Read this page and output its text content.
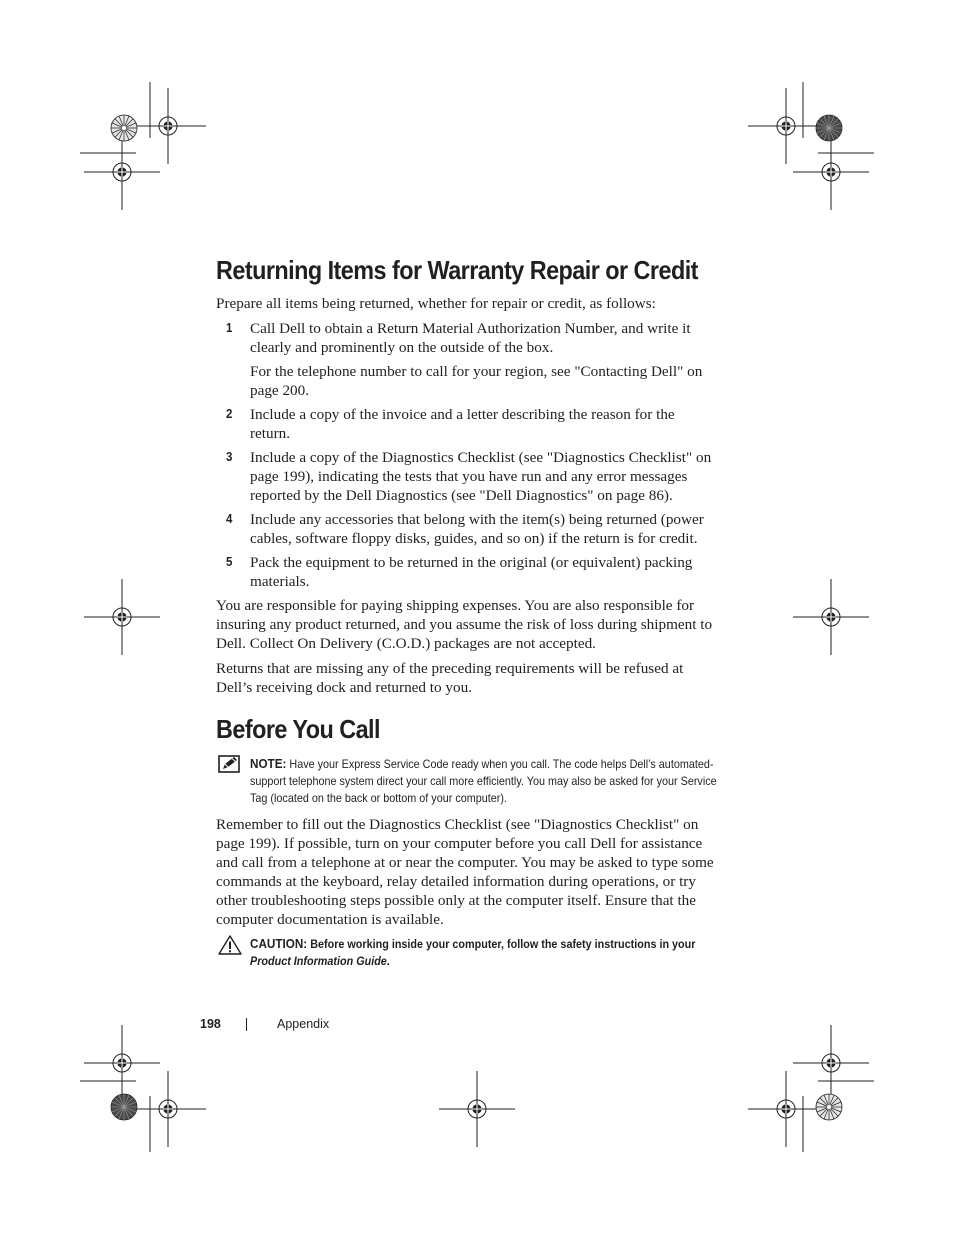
Returning Items for Warranty Repair or Credit

Prepare all items being returned, whether for repair or credit, as follows:

1 Call Dell to obtain a Return Material Authorization Number, and write it clearly and prominently on the outside of the box.

For the telephone number to call for your region, see "Contacting Dell" on page 200.

2 Include a copy of the invoice and a letter describing the reason for the return.

3 Include a copy of the Diagnostics Checklist (see "Diagnostics Checklist" on page 199), indicating the tests that you have run and any error messages reported by the Dell Diagnostics (see "Dell Diagnostics" on page 86).

4 Include any accessories that belong with the item(s) being returned (power cables, software floppy disks, guides, and so on) if the return is for credit.

5 Pack the equipment to be returned in the original (or equivalent) packing materials.

You are responsible for paying shipping expenses. You are also responsible for insuring any product returned, and you assume the risk of loss during shipment to Dell. Collect On Delivery (C.O.D.) packages are not accepted.

Returns that are missing any of the preceding requirements will be refused at Dell’s receiving dock and returned to you.

Before You Call
NOTE: Have your Express Service Code ready when you call. The code helps Dell’s automated-support telephone system direct your call more efficiently. You may also be asked for your Service Tag (located on the back or bottom of your computer).

Remember to fill out the Diagnostics Checklist (see "Diagnostics Checklist" on page 199). If possible, turn on your computer before you call Dell for assistance and call from a telephone at or near the computer. You may be asked to type some commands at the keyboard, relay detailed information during operations, or try other troubleshooting steps possible only at the computer itself. Ensure that the computer documentation is available.

CAUTION: Before working inside your computer, follow the safety instructions in your Product Information Guide.
198	Appendix
